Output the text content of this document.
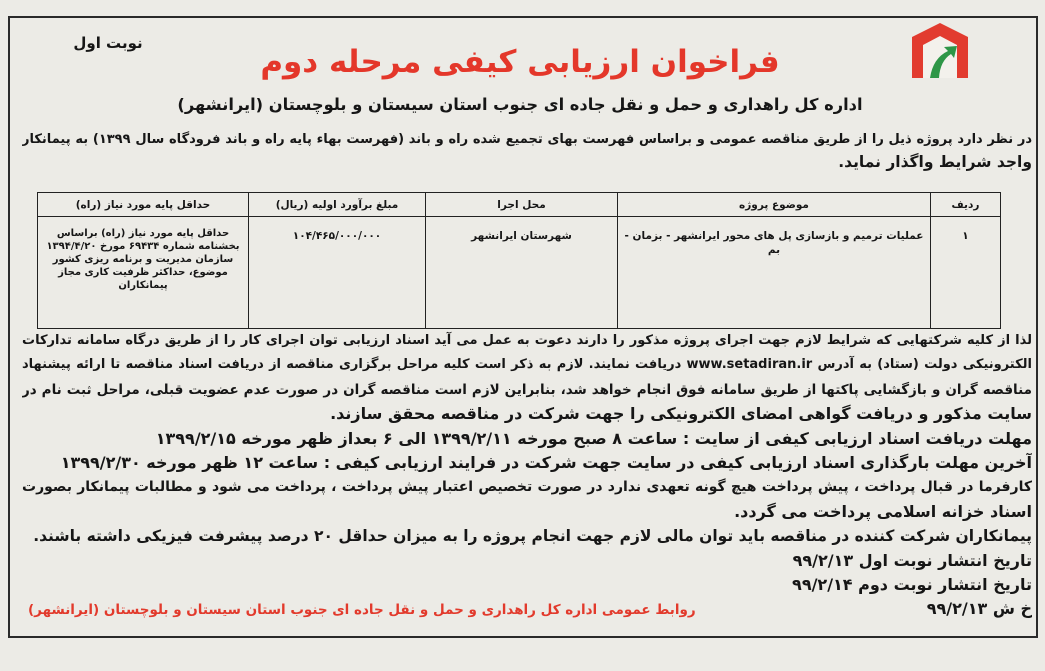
نوبت اول
فراخوان ارزیابی کیفی مرحله دوم
اداره کل راهداری و حمل و نقل جاده ای جنوب استان سیستان و بلوچستان (ایرانشهر)
در نظر دارد پروژه ذیل را از طریق مناقصه عمومی و براساس فهرست بهای تجمیع شده راه و باند (فهرست بهاء پایه راه و باند فرودگاه سال ۱۳۹۹) به پیمانکار
واجد شرایط واگذار نماید.
ردیف	موضوع پروژه	محل اجرا	مبلغ برآورد اولیه (ریال)	حداقل پایه مورد نیاز (راه)
۱	عملیات ترمیم و بازسازی پل های محور ایرانشهر - بزمان - بم	شهرستان ایرانشهر	۱۰۴/۴۶۵/۰۰۰/۰۰۰	حداقل پایه مورد نیاز (راه) براساس بخشنامه شماره ۶۹۴۳۴ مورخ ۱۳۹۴/۴/۲۰ سازمان مدیریت و برنامه ریزی کشور موضوع، حداکثر ظرفیت کاری مجاز پیمانکاران
لذا از کلیه شرکتهایی که شرایط لازم جهت اجرای پروژه مذکور را دارند دعوت به عمل می آید اسناد ارزیابی توان اجرای کار را از طریق درگاه سامانه تدارکات
الکترونیکی دولت (ستاد) به آدرس www.setadiran.ir دریافت نمایند. لازم به ذکر است کلیه مراحل برگزاری مناقصه از دریافت اسناد مناقصه تا ارائه پیشنهاد
مناقصه گران و بازگشایی پاکتها از طریق سامانه فوق انجام خواهد شد، بنابراین لازم است مناقصه گران در صورت عدم عضویت قبلی، مراحل ثبت نام در
سایت مذکور و دریافت گواهی امضای الکترونیکی را جهت شرکت در مناقصه محقق سازند.
مهلت دریافت اسناد ارزیابی کیفی از سایت : ساعت ۸ صبح مورخه ۱۳۹۹/۲/۱۱ الی ۶ بعداز ظهر مورخه ۱۳۹۹/۲/۱۵
آخرین مهلت بارگذاری اسناد ارزیابی کیفی در سایت جهت شرکت در فرایند ارزیابی کیفی : ساعت ۱۲ ظهر مورخه ۱۳۹۹/۲/۳۰
کارفرما در قبال پرداخت ، پیش پرداخت هیچ گونه تعهدی ندارد در صورت تخصیص اعتبار پیش پرداخت ، پرداخت می شود و مطالبات پیمانکار بصورت
اسناد خزانه اسلامی پرداخت می گردد.
پیمانکاران شرکت کننده در مناقصه باید توان مالی لازم جهت انجام پروژه را به میزان حداقل ۲۰ درصد پیشرفت فیزیکی داشته باشند.
تاریخ انتشار نوبت اول ۹۹/۲/۱۳
تاریخ انتشار نوبت دوم ۹۹/۲/۱۴
خ ش ۹۹/۲/۱۳
روابط عمومی اداره کل راهداری و حمل و نقل جاده ای جنوب استان سیستان و بلوچستان (ایرانشهر)
